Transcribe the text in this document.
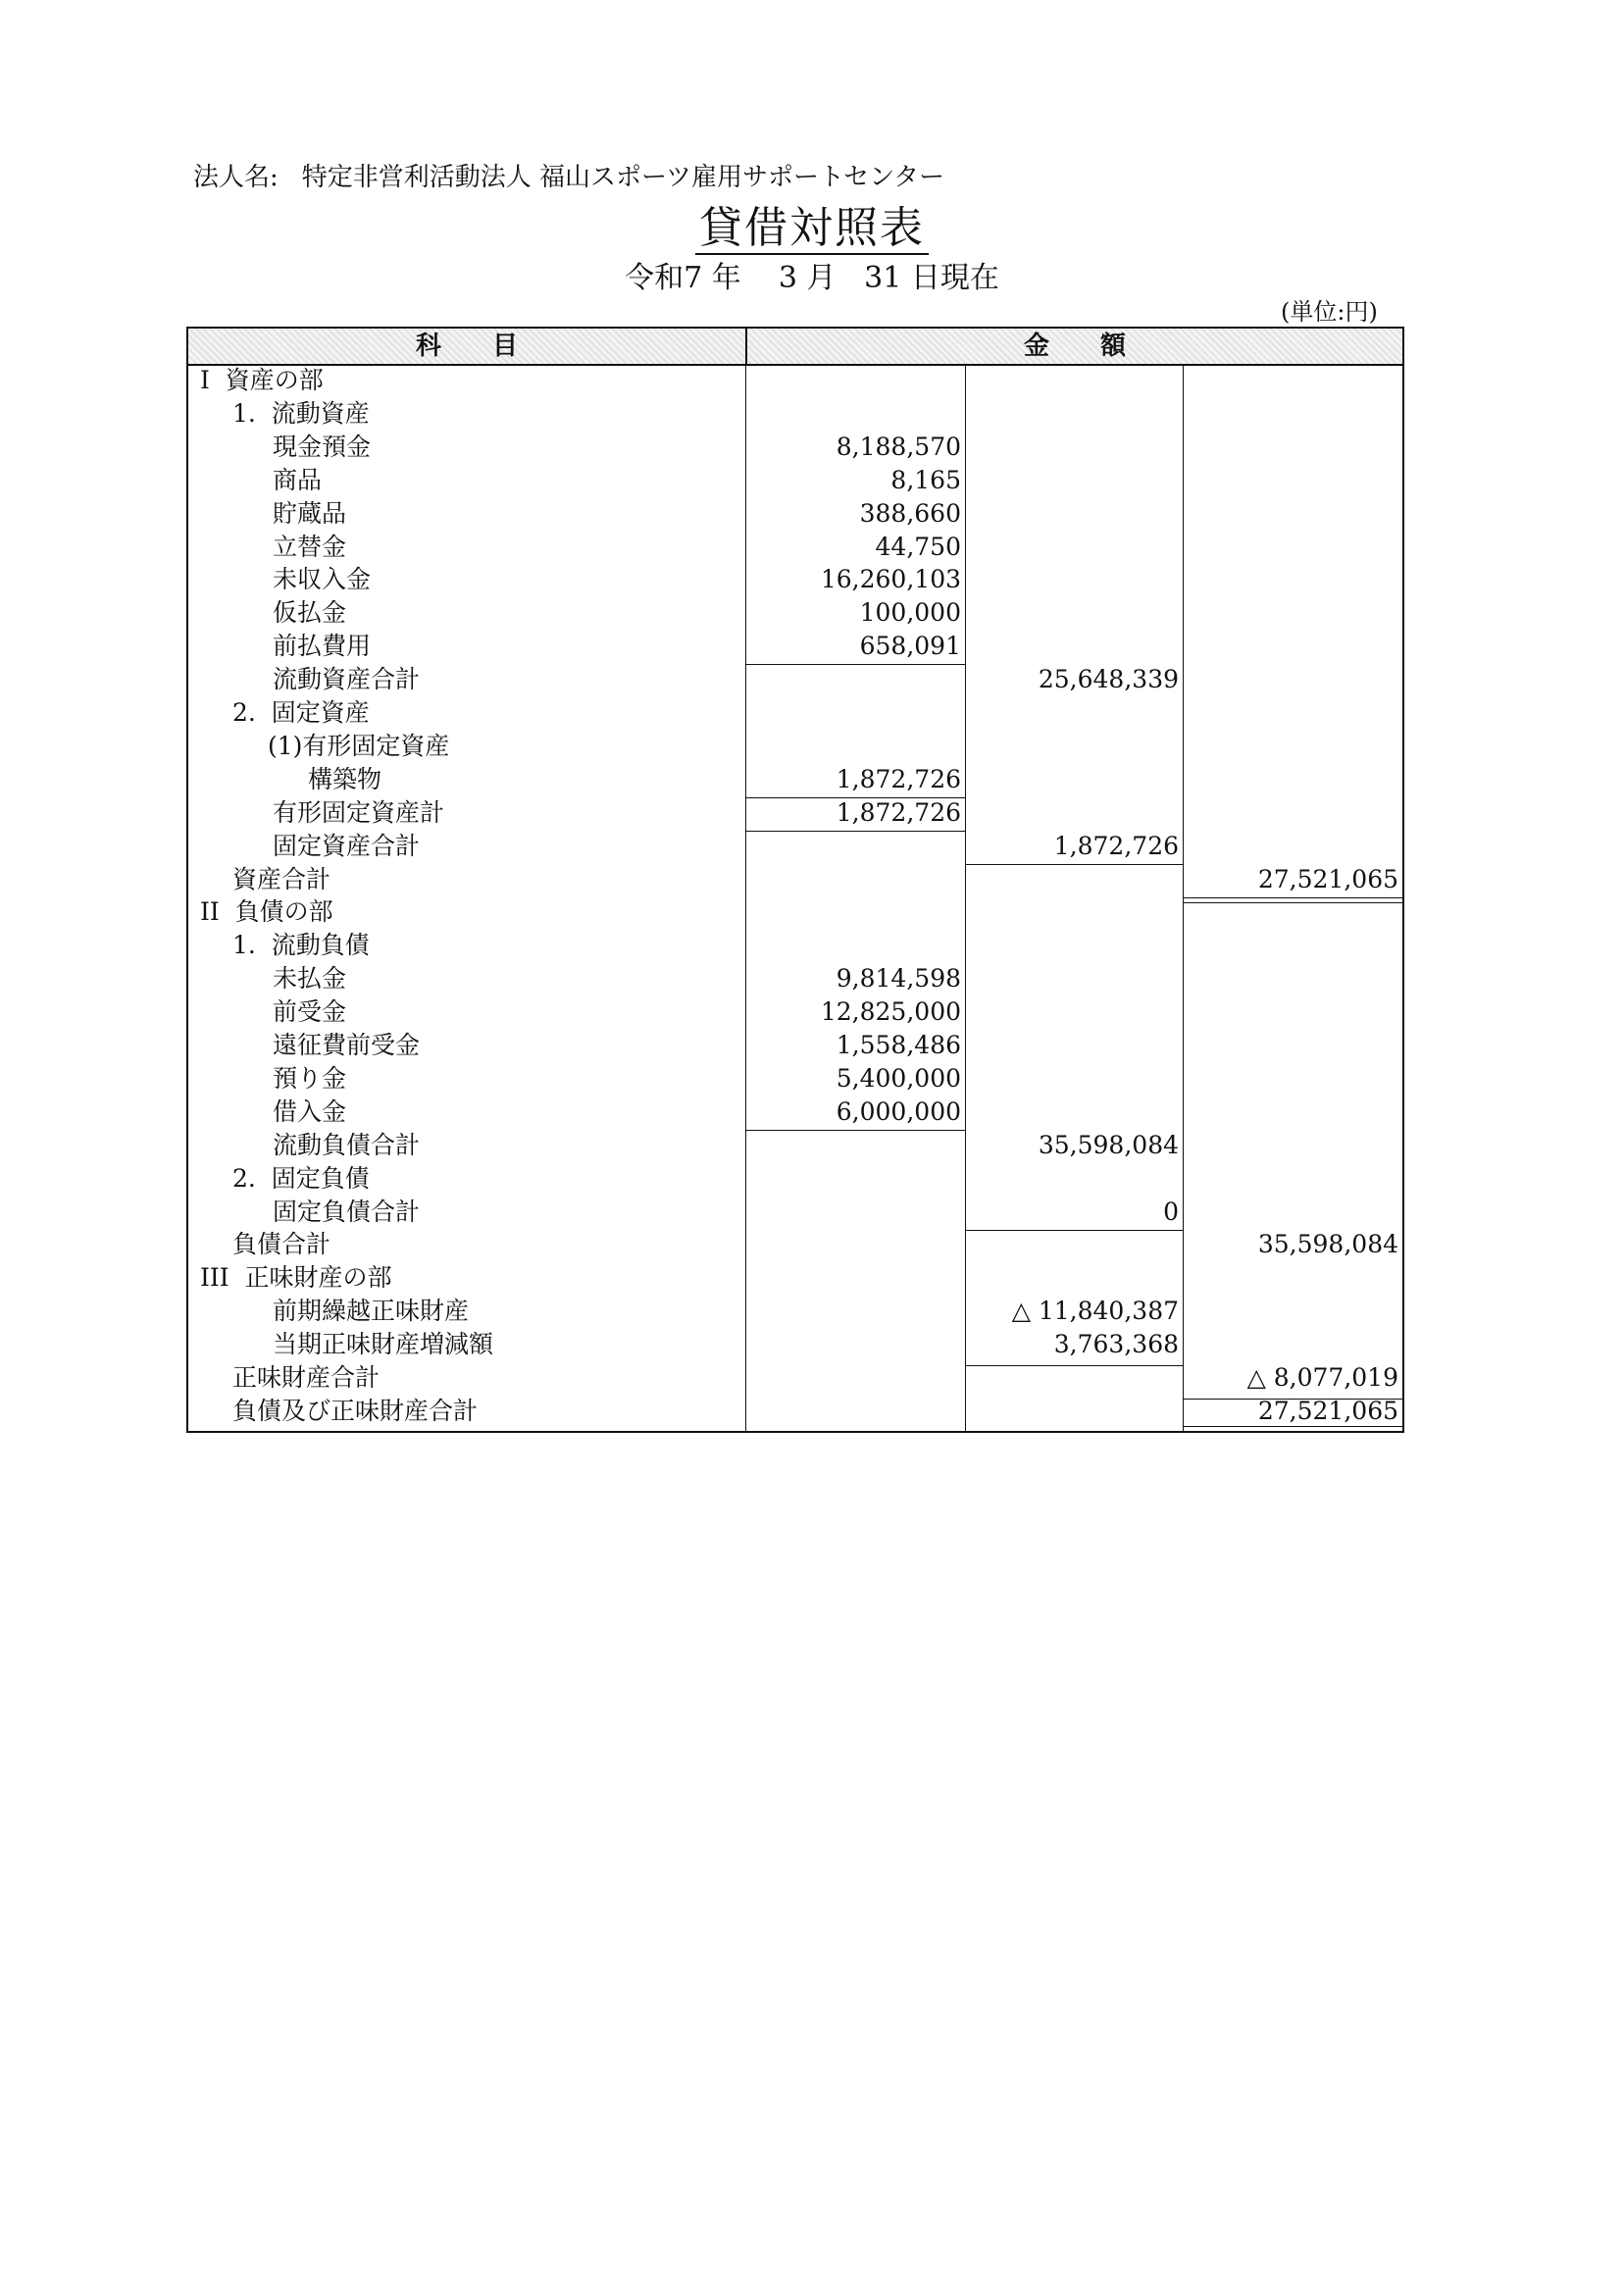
法人名: 特定非営利活動法人 福山スポーツ雇用サポートセンター
貸借対照表
令和7 年    3 月   31 日現在
(単位:円)
科　　目	金　　額
I  資産の部
1.  流動資産
現金預金	8,188,570
商品	8,165
貯蔵品	388,660
立替金	44,750
未収入金	16,260,103
仮払金	100,000
前払費用	658,091
流動資産合計	25,648,339
2.  固定資産
(1)有形固定資産
構築物	1,872,726
有形固定資産計	1,872,726
固定資産合計	1,872,726
資産合計	27,521,065
II  負債の部
1.  流動負債
未払金	9,814,598
前受金	12,825,000
遠征費前受金	1,558,486
預り金	5,400,000
借入金	6,000,000
流動負債合計	35,598,084
2.  固定負債
固定負債合計	0
負債合計	35,598,084
III  正味財産の部
前期繰越正味財産	△ 11,840,387
当期正味財産増減額	3,763,368
正味財産合計	△ 8,077,019
負債及び正味財産合計	27,521,065
